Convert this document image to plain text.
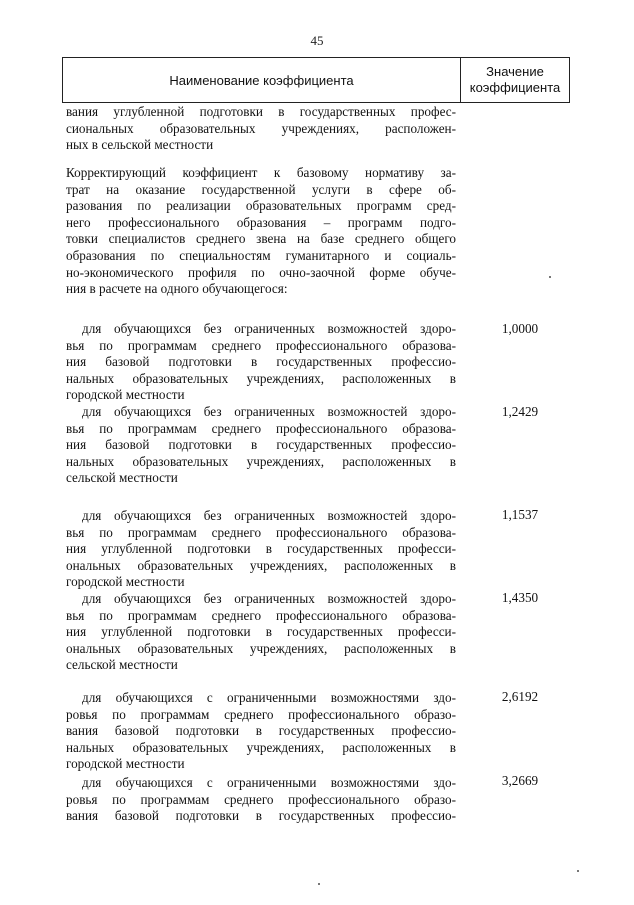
45
Наименование коэффициента
Значение
коэффициента
вания углубленной подготовки в государственных профес-
сиональных образовательных учреждениях, расположен-
ных в сельской местности
Корректирующий коэффициент к базовому нормативу за-
трат на оказание государственной услуги в сфере об-
разования по реализации образовательных программ сред-
него профессионального образования – программ подго-
товки специалистов среднего звена на базе среднего общего
образования по специальностям гуманитарного и социаль-
но-экономического профиля по очно-заочной форме обуче-
ния в расчете на одного обучающегося:
для обучающихся без ограниченных возможностей здоро-
вья по программам среднего профессионального образова-
ния базовой подготовки в государственных профессио-
нальных образовательных учреждениях, расположенных в
городской местности
1,0000
для обучающихся без ограниченных возможностей здоро-
вья по программам среднего профессионального образова-
ния базовой подготовки в государственных профессио-
нальных образовательных учреждениях, расположенных в
сельской местности
1,2429
для обучающихся без ограниченных возможностей здоро-
вья по программам среднего профессионального образова-
ния углубленной подготовки в государственных професси-
ональных образовательных учреждениях, расположенных в
городской местности
1,1537
для обучающихся без ограниченных возможностей здоро-
вья по программам среднего профессионального образова-
ния углубленной подготовки в государственных професси-
ональных образовательных учреждениях, расположенных в
сельской местности
1,4350
для обучающихся с ограниченными возможностями здо-
ровья по программам среднего профессионального образо-
вания базовой подготовки в государственных профессио-
нальных образовательных учреждениях, расположенных в
городской местности
2,6192
для обучающихся с ограниченными возможностями здо-
ровья по программам среднего профессионального образо-
вания базовой подготовки в государственных профессио-
3,2669
